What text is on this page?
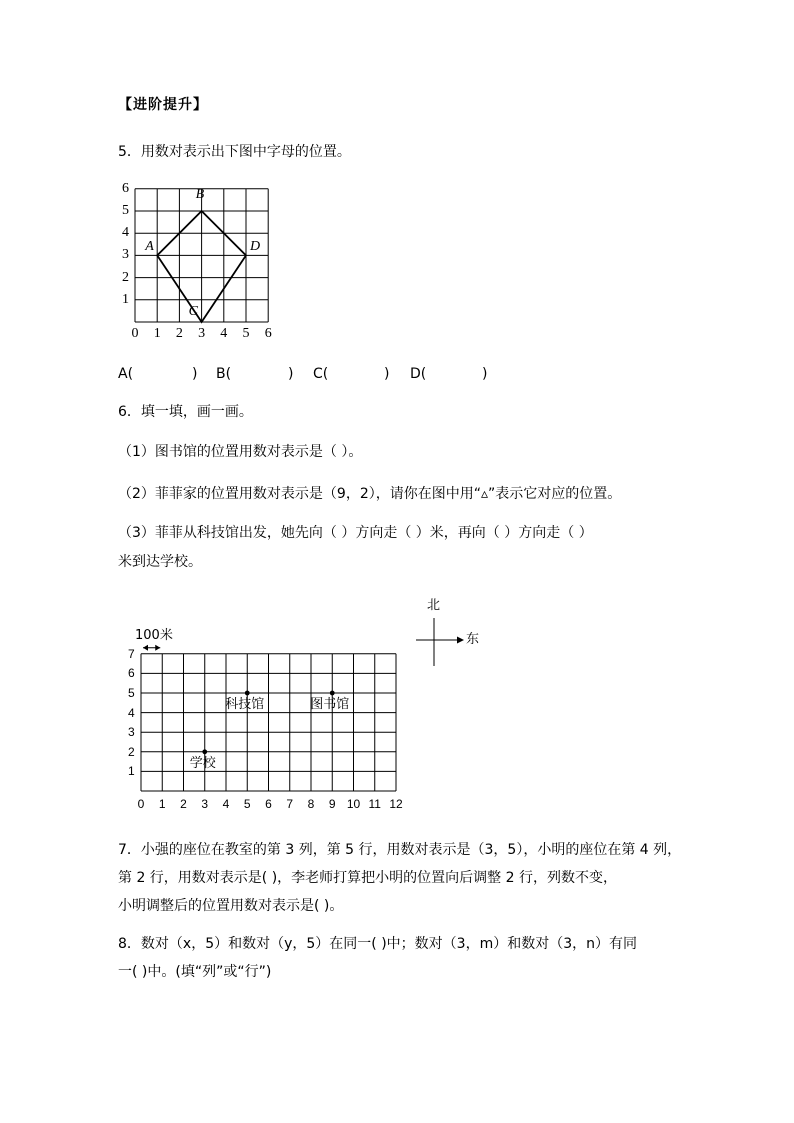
【进阶提升】
5．用数对表示出下图中字母的位置。
0 1 2 3 4 5 6
1
2
3
4
5
6
A
B
D
C
A(	) B(	) C(	) D(	)
6．填一填，画一画。
（1）图书馆的位置用数对表示是（ ）。
（2）菲菲家的位置用数对表示是（9，2），请你在图中用“▵”表示它对应的位置。
（3）菲菲从科技馆出发，她先向（ ）方向走（ ）米，再向（ ）方向走（ ）
米到达学校。
科技馆	图书馆
学校
0 1 2 3 4 5 6 7 8 9 10 11 12
1
2
3
4
5
6
7
100米
北
东
7．小强的座位在教室的第 3 列，第 5 行，用数对表示是（3，5），小明的座位在第 4 列，
第 2 行，用数对表示是( )，李老师打算把小明的位置向后调整 2 行，列数不变，
小明调整后的位置用数对表示是( )。
8．数对（x，5）和数对（y，5）在同一( )中；数对（3，m）和数对（3，n）有同
一( )中。(填“列”或“行”)
